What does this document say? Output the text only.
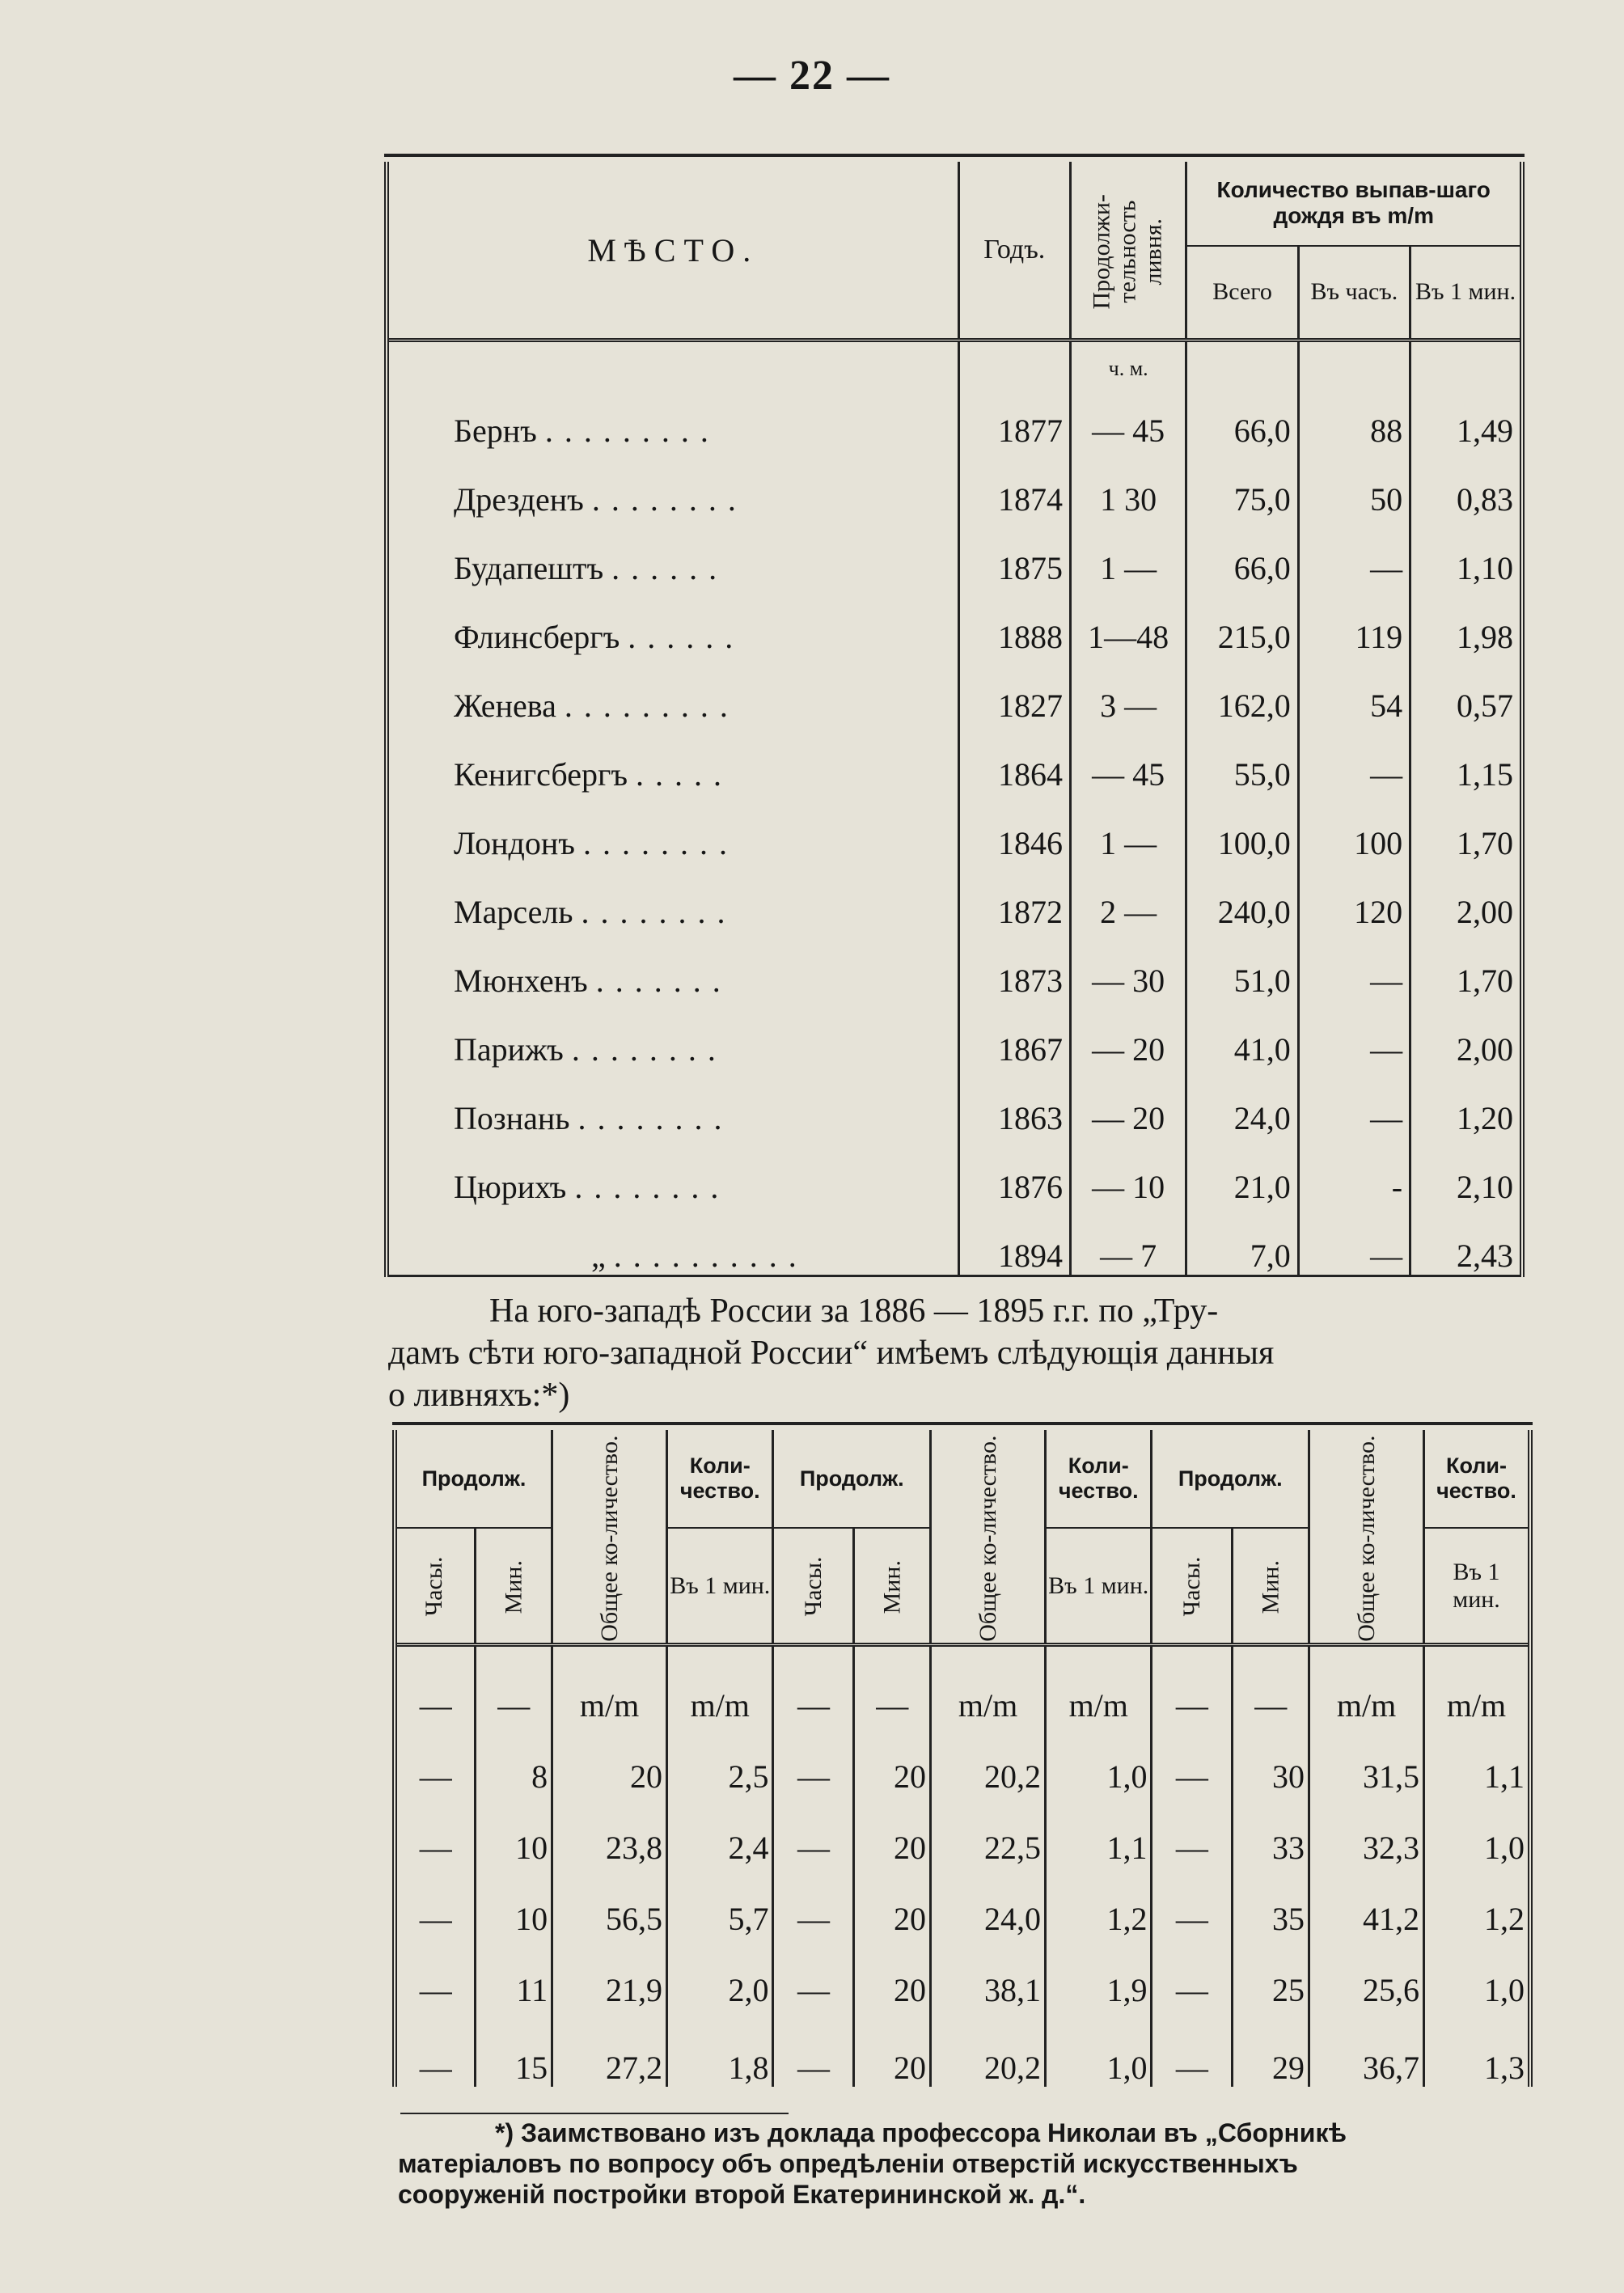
— 22 —
МѢСТО.	Годъ.	Продолжи-тельность ливня.	Количество выпав-шаго дождя въ m/m		
			Всего	Въ часъ.	Въ 1 мин.

		ч. м.			
Бернъ .........	1877	— 45	66,0	88	1,49
Дрезденъ ........	1874	1 30	75,0	50	0,83
Будапештъ ......	1875	1 —	66,0	—	1,10
Флинсбергъ ......	1888	1—48	215,0	119	1,98
Женева .........	1827	3 —	162,0	54	0,57
Кенигсбергъ .....	1864	— 45	55,0	—	1,15
Лондонъ ........	1846	1 —	100,0	100	1,70
Марсель ........	1872	2 —	240,0	120	2,00
Мюнхенъ .......	1873	— 30	51,0	—	1,70
Парижъ ........	1867	— 20	41,0	—	2,00
Познань ........	1863	— 20	24,0	—	1,20
Цюрихъ ........	1876	— 10	21,0	-	2,10
„ ..........	1894	— 7	7,0	—	2,43
На юго-западѣ России за 1886 — 1895 г.г. по „Тру-
дамъ сѣти юго-западной России“ имѣемъ слѣдующія данныя
о ливняхъ:*)
Продолж.		Общее ко-личество.	Коли-чество.	Продолж.		Общее ко-личество.	Коли-чество.	Продолж.		Общее ко-личество.	Коли-чество.
Часы.	Мин.		Въ 1 мин.	Часы.	Мин.		Въ 1 мин.	Часы.	Мин.		Въ 1 мин.

—	—	m/m	m/m	—	—	m/m	m/m	—	—	m/m	m/m
—	8	20	2,5	—	20	20,2	1,0	—	30	31,5	1,1
—	10	23,8	2,4	—	20	22,5	1,1	—	33	32,3	1,0
—	10	56,5	5,7	—	20	24,0	1,2	—	35	41,2	1,2
—	11	21,9	2,0	—	20	38,1	1,9	—	25	25,6	1,0
—	15	27,2	1,8	—	20	20,2	1,0	—	29	36,7	1,3
*) Заимствовано изъ доклада профессора Николаи въ „Сборникѣ
матеріаловъ по вопросу объ опредѣленіи отверстій искусственныхъ
сооруженій постройки второй Екатерининской ж. д.“.
